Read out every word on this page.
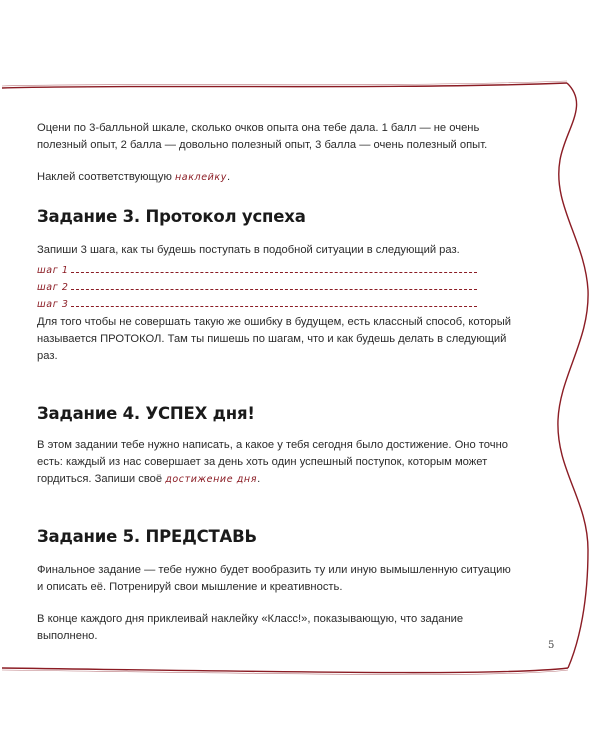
Оцени по 3-балльной шкале, сколько очков опыта она тебе дала. 1 балл — не очень полезный опыт, 2 балла — довольно полезный опыт, 3 балла — очень полезный опыт.

Наклей соответствующую наклейку.

Задание 3. Протокол успеха

Запиши 3 шага, как ты будешь поступать в подобной ситуации в следующий раз.

шаг 1
шаг 2
шаг 3

Для того чтобы не совершать такую же ошибку в будущем, есть классный способ, который называется ПРОТОКОЛ. Там ты пишешь по шагам, что и как будешь делать в следующий раз.

Задание 4. УСПЕХ дня!

В этом задании тебе нужно написать, а какое у тебя сегодня было достижение. Оно точно есть: каждый из нас совершает за день хоть один успешный поступок, которым может гордиться. Запиши своё достижение дня.

Задание 5. ПРЕДСТАВЬ

Финальное задание — тебе нужно будет вообразить ту или иную вымышленную ситуацию и описать её. Потренируй свои мышление и креативность.

В конце каждого дня приклеивай наклейку «Класс!», показывающую, что задание выполнено.

5
